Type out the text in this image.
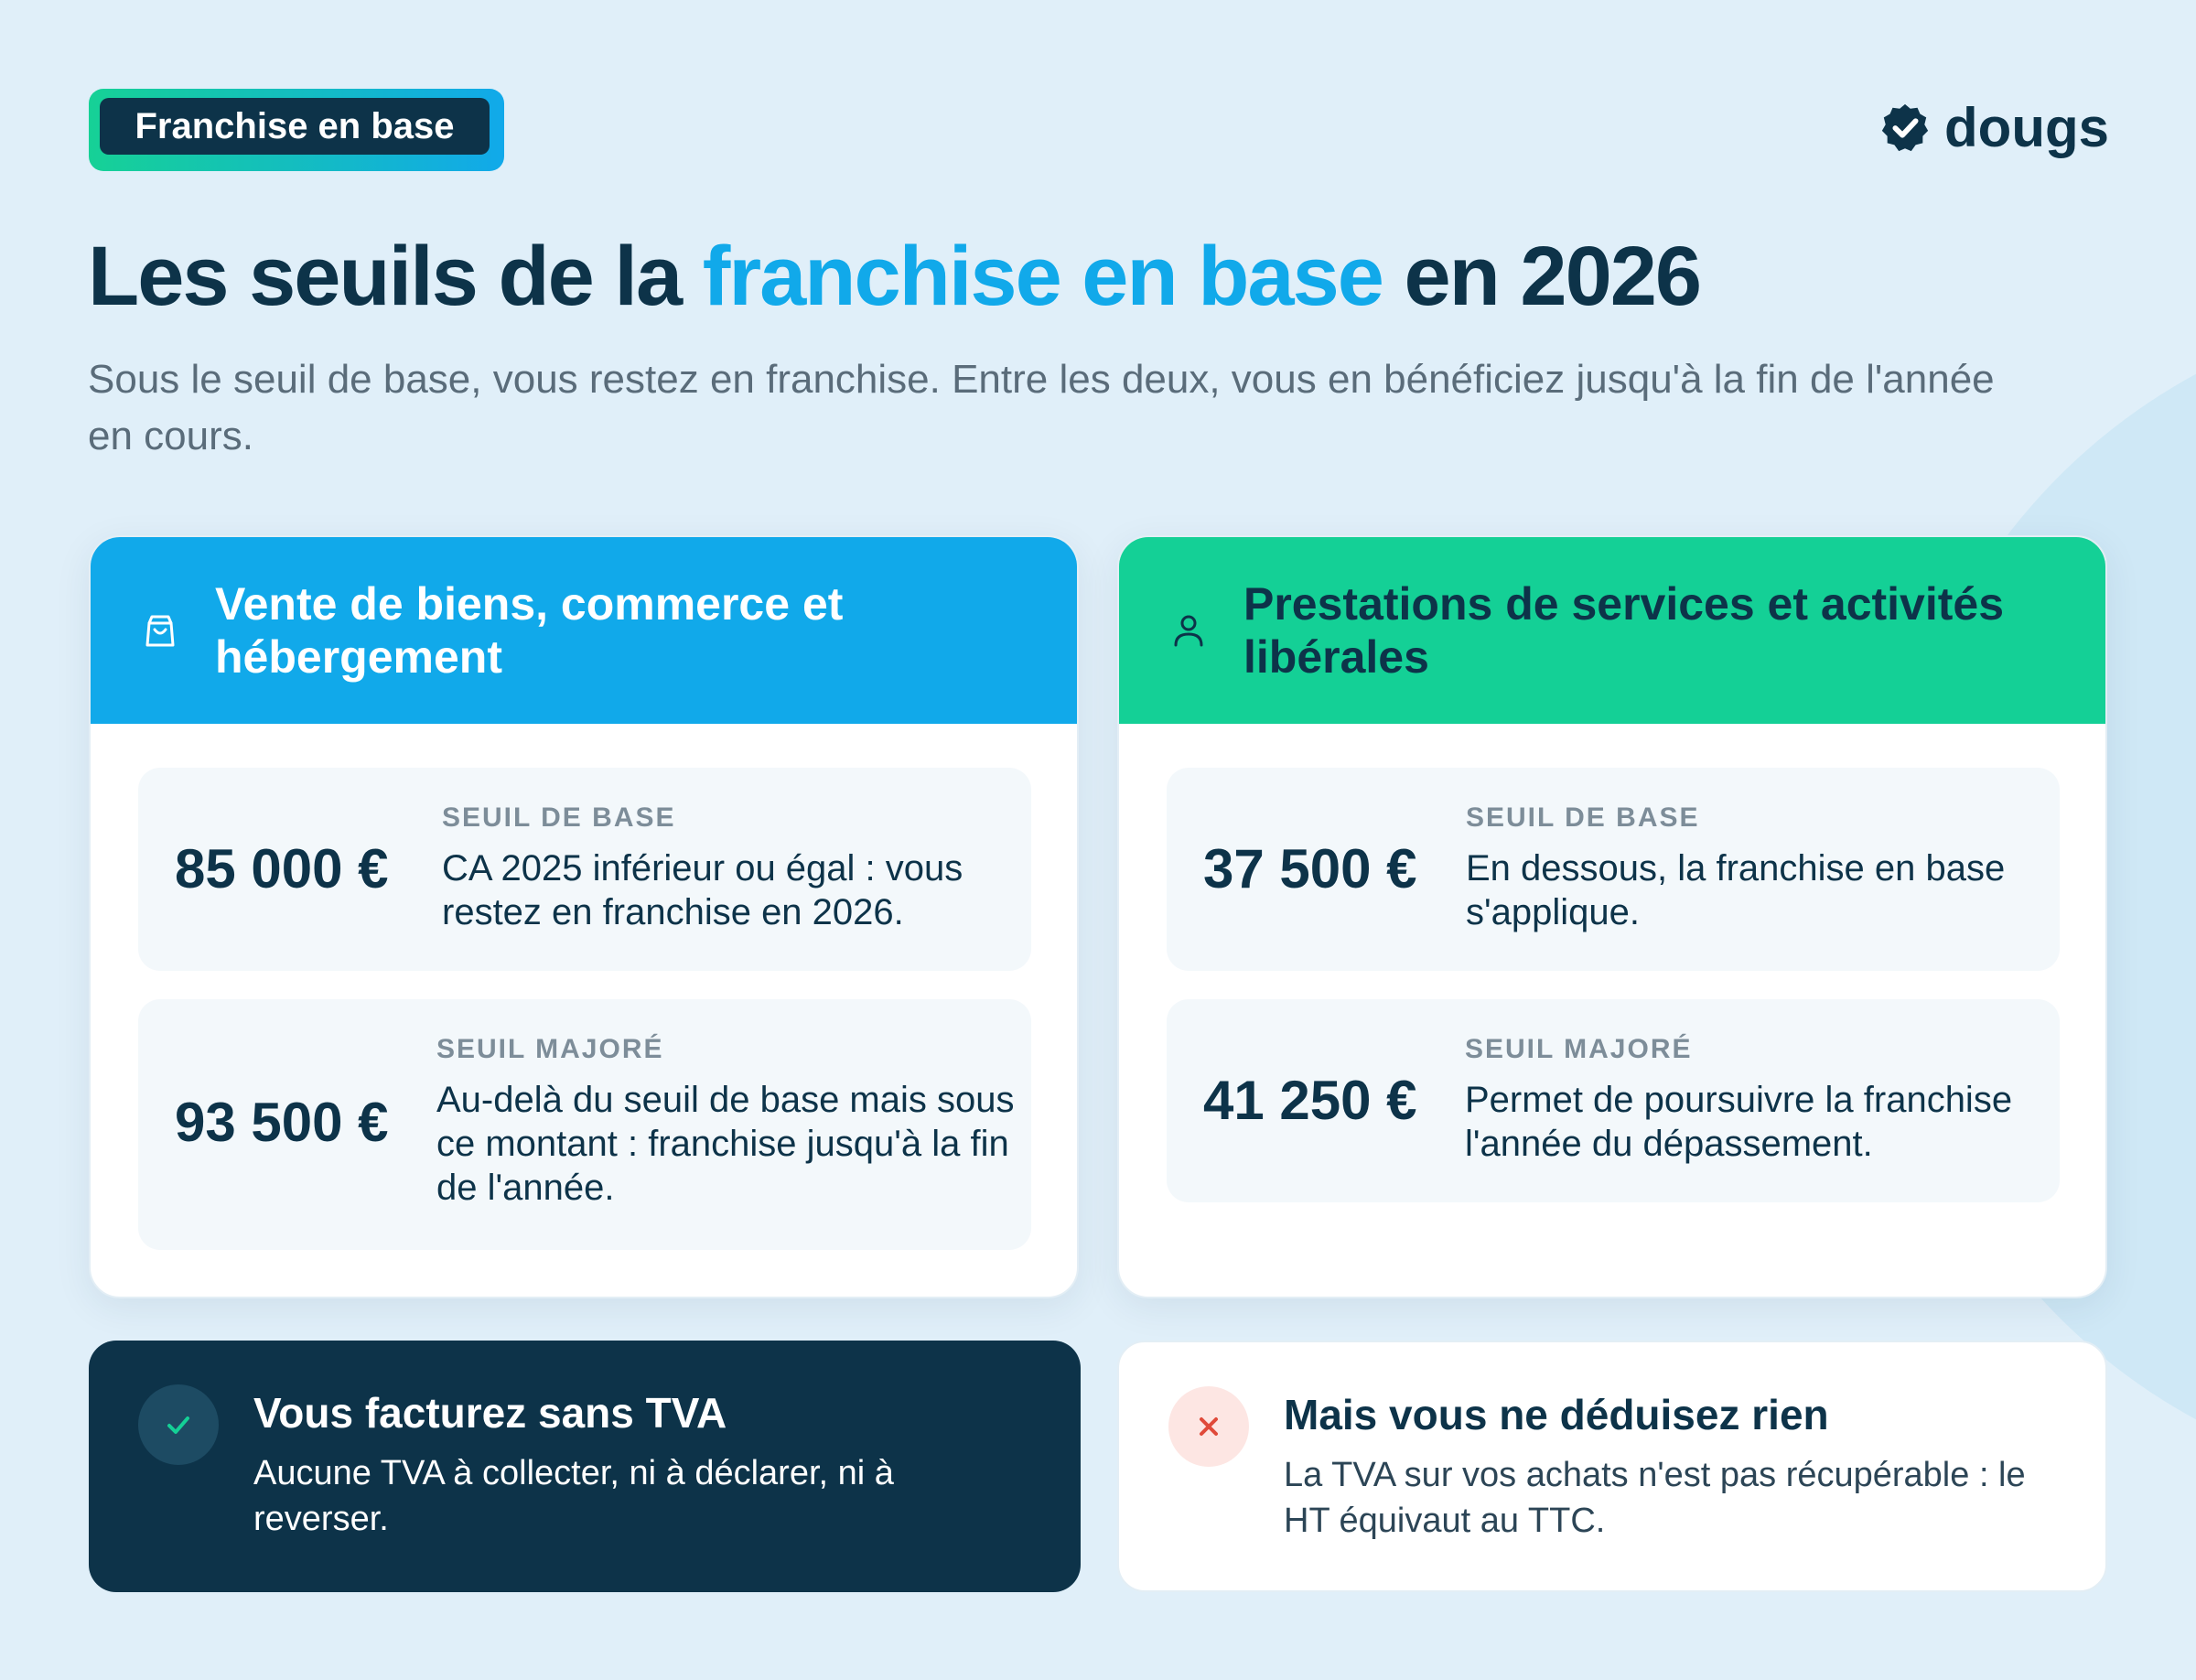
Franchise en base	dougs
Les seuils de la franchise en base en 2026

Sous le seuil de base, vous restez en franchise. Entre les deux, vous en bénéficiez jusqu'à la fin de l'année en cours.

Vente de biens, commerce et hébergement
85 000 €
SEUIL DE BASE
CA 2025 inférieur ou égal : vous restez en franchise en 2026.
93 500 €
SEUIL MAJORÉ
Au-delà du seuil de base mais sous ce montant : franchise jusqu'à la fin de l'année.
Prestations de services et activités libérales
37 500 €
SEUIL DE BASE
En dessous, la franchise en base s'applique.
41 250 €
SEUIL MAJORÉ
Permet de poursuivre la franchise l'année du dépassement.
Vous facturez sans TVA
Aucune TVA à collecter, ni à déclarer, ni à reverser.
Mais vous ne déduisez rien
La TVA sur vos achats n'est pas récupérable : le HT équivaut au TTC.
